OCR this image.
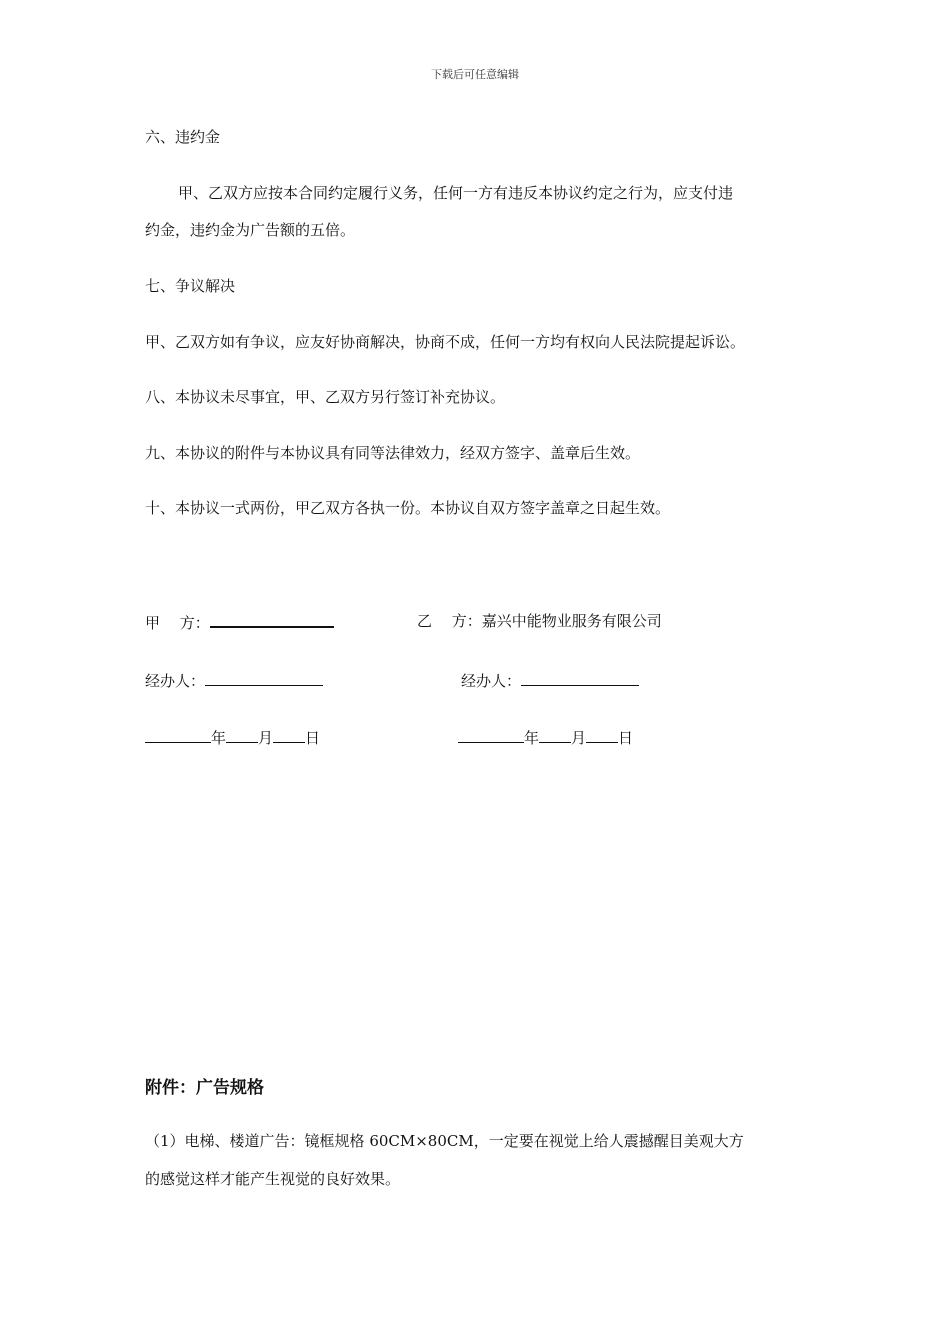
下载后可任意编辑
六、违约金
甲、乙双方应按本合同约定履行义务，任何一方有违反本协议约定之行为，应支付违
约金，违约金为广告额的五倍。
七、争议解决
甲、乙双方如有争议，应友好协商解决，协商不成，任何一方均有权向人民法院提起诉讼。
八、本协议未尽事宜，甲、乙双方另行签订补充协议。
九、本协议的附件与本协议具有同等法律效力，经双方签字、盖章后生效。
十、本协议一式两份，甲乙双方各执一份。本协议自双方签字盖章之日起生效。
甲　 方：	乙　 方：嘉兴中能物业服务有限公司
经办人：	经办人：
年 月 日	年 月 日
附件：广告规格
（1）电梯、楼道广告：镜框规格 60CM×80CM，一定要在视觉上给人震撼醒目美观大方
的感觉这样才能产生视觉的良好效果。
